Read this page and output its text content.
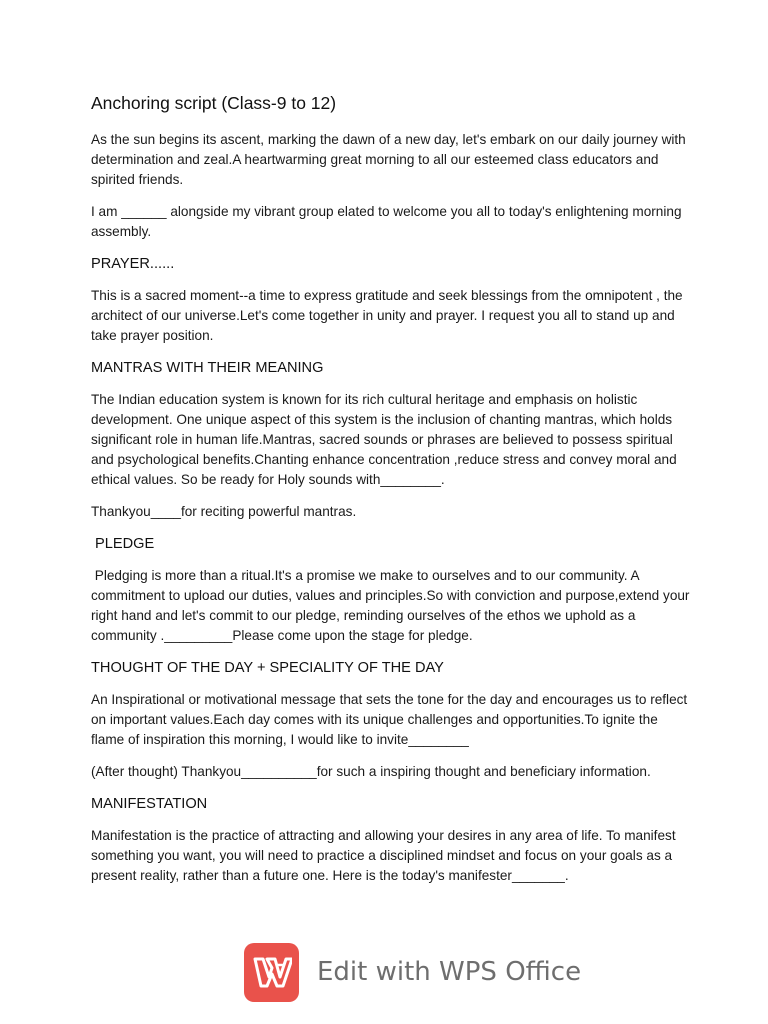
Anchoring script (Class-9 to 12)

As the sun begins its ascent, marking the dawn of a new day, let's embark on our daily journey with determination and zeal.A heartwarming great morning to all our esteemed class educators and spirited friends.

I am ______ alongside my vibrant group elated to welcome you all to today's enlightening morning assembly.

PRAYER......

This is a sacred moment--a time to express gratitude and seek blessings from the omnipotent , the architect of our universe.Let's come together in unity and prayer. I request you all to stand up and take prayer position.

MANTRAS WITH THEIR MEANING

The Indian education system is known for its rich cultural heritage and emphasis on holistic development. One unique aspect of this system is the inclusion of chanting mantras, which holds significant role in human life.Mantras, sacred sounds or phrases are believed to possess spiritual and psychological benefits.Chanting enhance concentration ,reduce stress and convey moral and ethical values. So be ready for Holy sounds with________.

Thankyou____for reciting powerful mantras.

PLEDGE

Pledging is more than a ritual.It's a promise we make to ourselves and to our community. A commitment to upload our duties, values and principles.So with conviction and purpose,extend your right hand and let's commit to our pledge, reminding ourselves of the ethos we uphold as a community ._________Please come upon the stage for pledge.

THOUGHT OF THE DAY + SPECIALITY OF THE DAY

An Inspirational or motivational message that sets the tone for the day and encourages us to reflect on important values.Each day comes with its unique challenges and opportunities.To ignite the flame of inspiration this morning, I would like to invite________

(After thought) Thankyou__________for such a inspiring thought and beneficiary information.

MANIFESTATION

Manifestation is the practice of attracting and allowing your desires in any area of life. To manifest something you want, you will need to practice a disciplined mindset and focus on your goals as a present reality, rather than a future one. Here is the today's manifester_______.

Edit with WPS Office
